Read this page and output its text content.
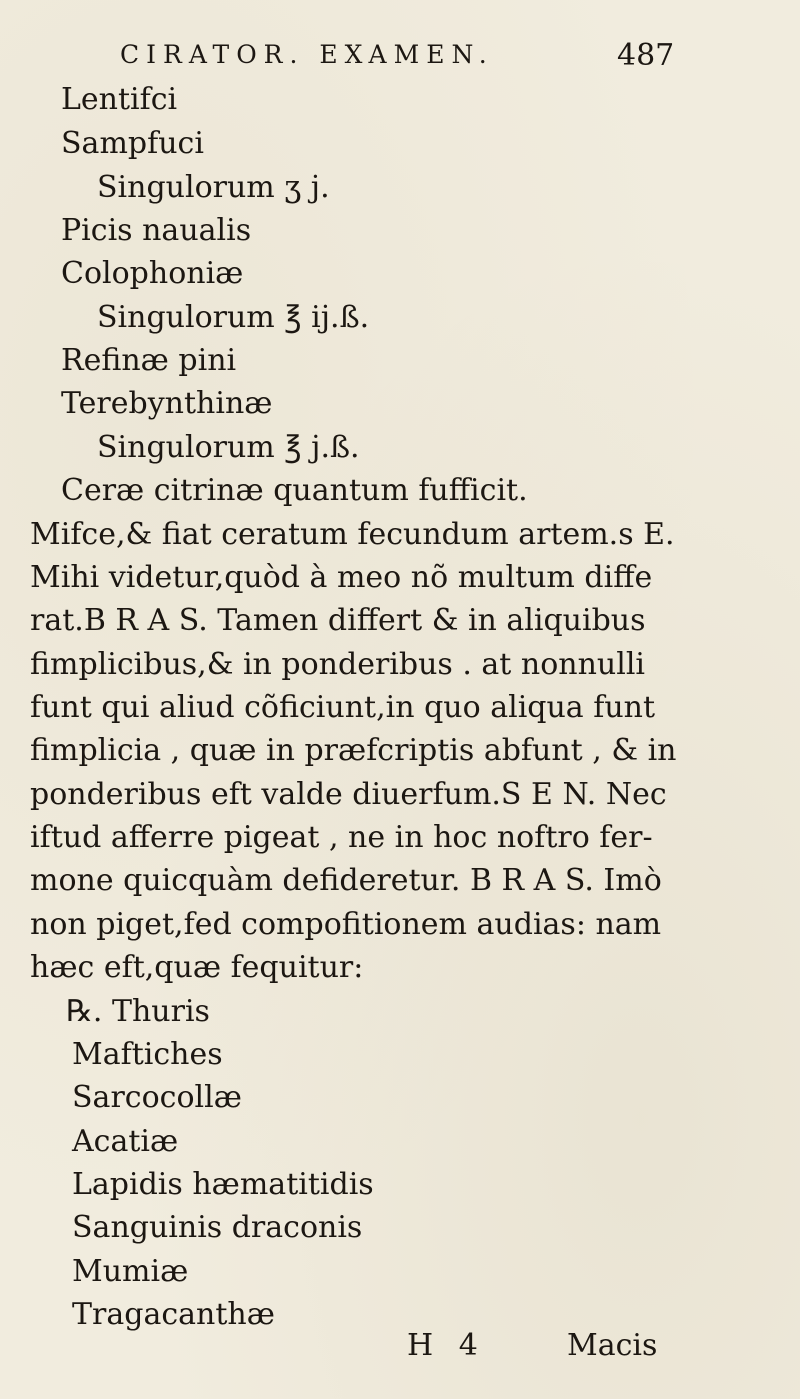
CIRATOR. EXAMEN.	487
Lentifci
Sampfuci
Singulorum ʒ j.
Picis naualis
Colophoniæ
Singulorum ℥ ij.ß.
Refinæ pini
Terebynthinæ
Singulorum ℥ j.ß.
Ceræ citrinæ quantum fufficit.
Mifce,& fiat ceratum fecundum artem.s E.
Mihi videtur,quòd à meo nõ multum diffe
rat.B R A S. Tamen differt & in aliquibus
fimplicibus,& in ponderibus . at nonnulli
funt qui aliud cõficiunt,in quo aliqua funt
fimplicia , quæ in præfcriptis abfunt , & in
ponderibus eft valde diuerfum.S E N. Nec
iftud afferre pigeat , ne in hoc noftro fer-
mone quicquàm defideretur. B R A S. Imò
non piget,fed compofitionem audias: nam
hæc eft,quæ fequitur:
℞. Thuris
Maftiches
Sarcocollæ
Acatiæ
Lapidis hæmatitidis
Sanguinis draconis
Mumiæ
Tragacanthæ
H 4	Macis
